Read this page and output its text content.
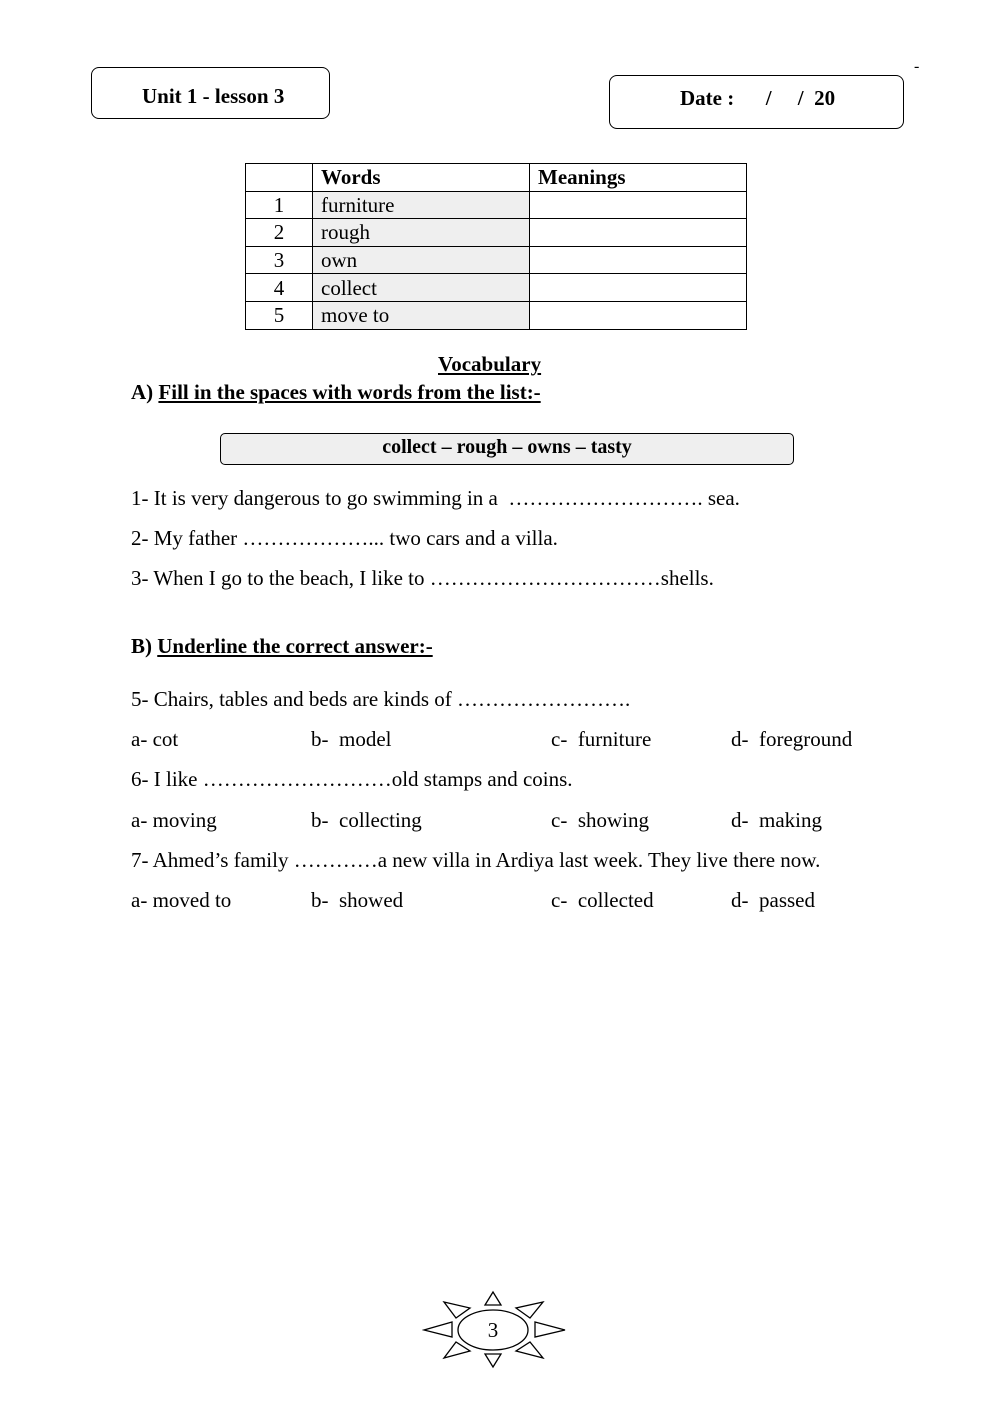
Unit 1 - lesson 3
-
Date :      /     /  20
	Words	Meanings
1	furniture	
2	rough	
3	own	
4	collect	
5	move to	
Vocabulary
A) Fill in the spaces with words from the list:-
collect – rough – owns – tasty
1- It is very dangerous to go swimming in a  ………………………. sea.
2- My father ………………... two cars and a villa.
3- When I go to the beach, I like to ……………………………shells.
B) Underline the correct answer:-
5- Chairs, tables and beds are kinds of …………………….
a- cot	b-  model	c-  furniture	d-  foreground
6- I like ………………………old stamps and coins.
a- moving	b-  collecting	c-  showing	d-  making
7- Ahmed’s family …………a new villa in Ardiya last week. They live there now.
a- moved to	b-  showed	c-  collected	d-  passed
3
